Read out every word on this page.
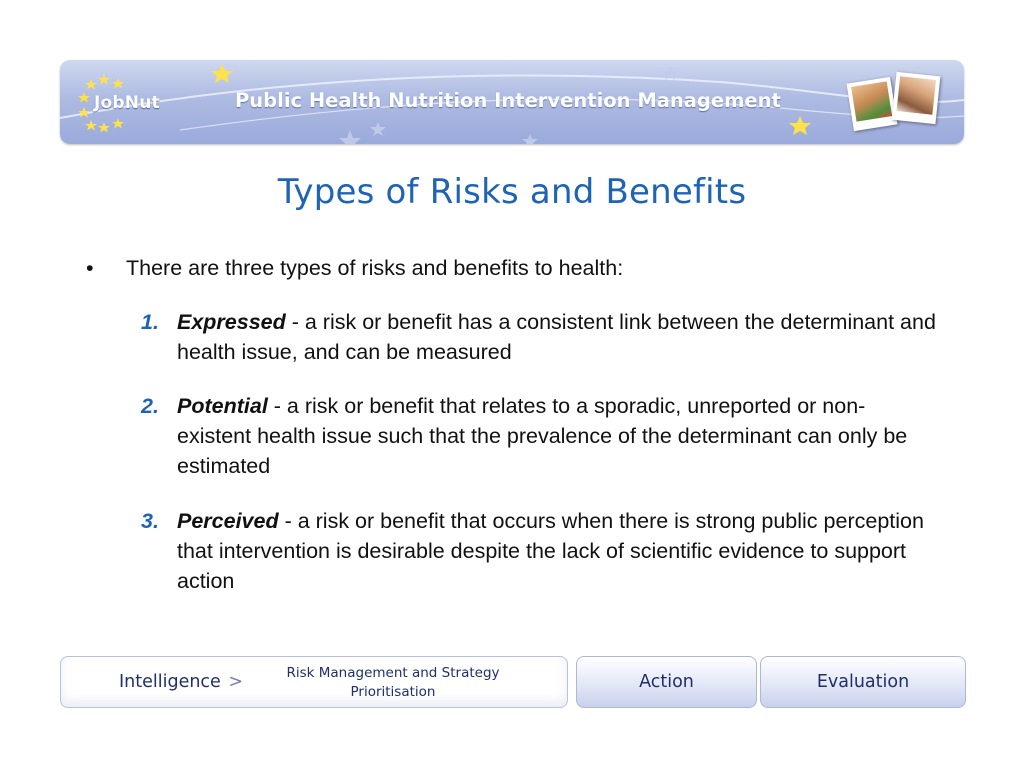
JobNut	Public Health Nutrition Intervention Management
Types of Risks and Benefits
• There are three types of risks and benefits to health:
1. Expressed - a risk or benefit has a consistent link between the determinant and health issue, and can be measured
2. Potential - a risk or benefit that relates to a sporadic, unreported or non-existent health issue such that the prevalence of the determinant can only be estimated
3. Perceived - a risk or benefit that occurs when there is strong public perception that intervention is desirable despite the lack of scientific evidence to support action
Intelligence >	Risk Management and Strategy
Prioritisation	Action	Evaluation
